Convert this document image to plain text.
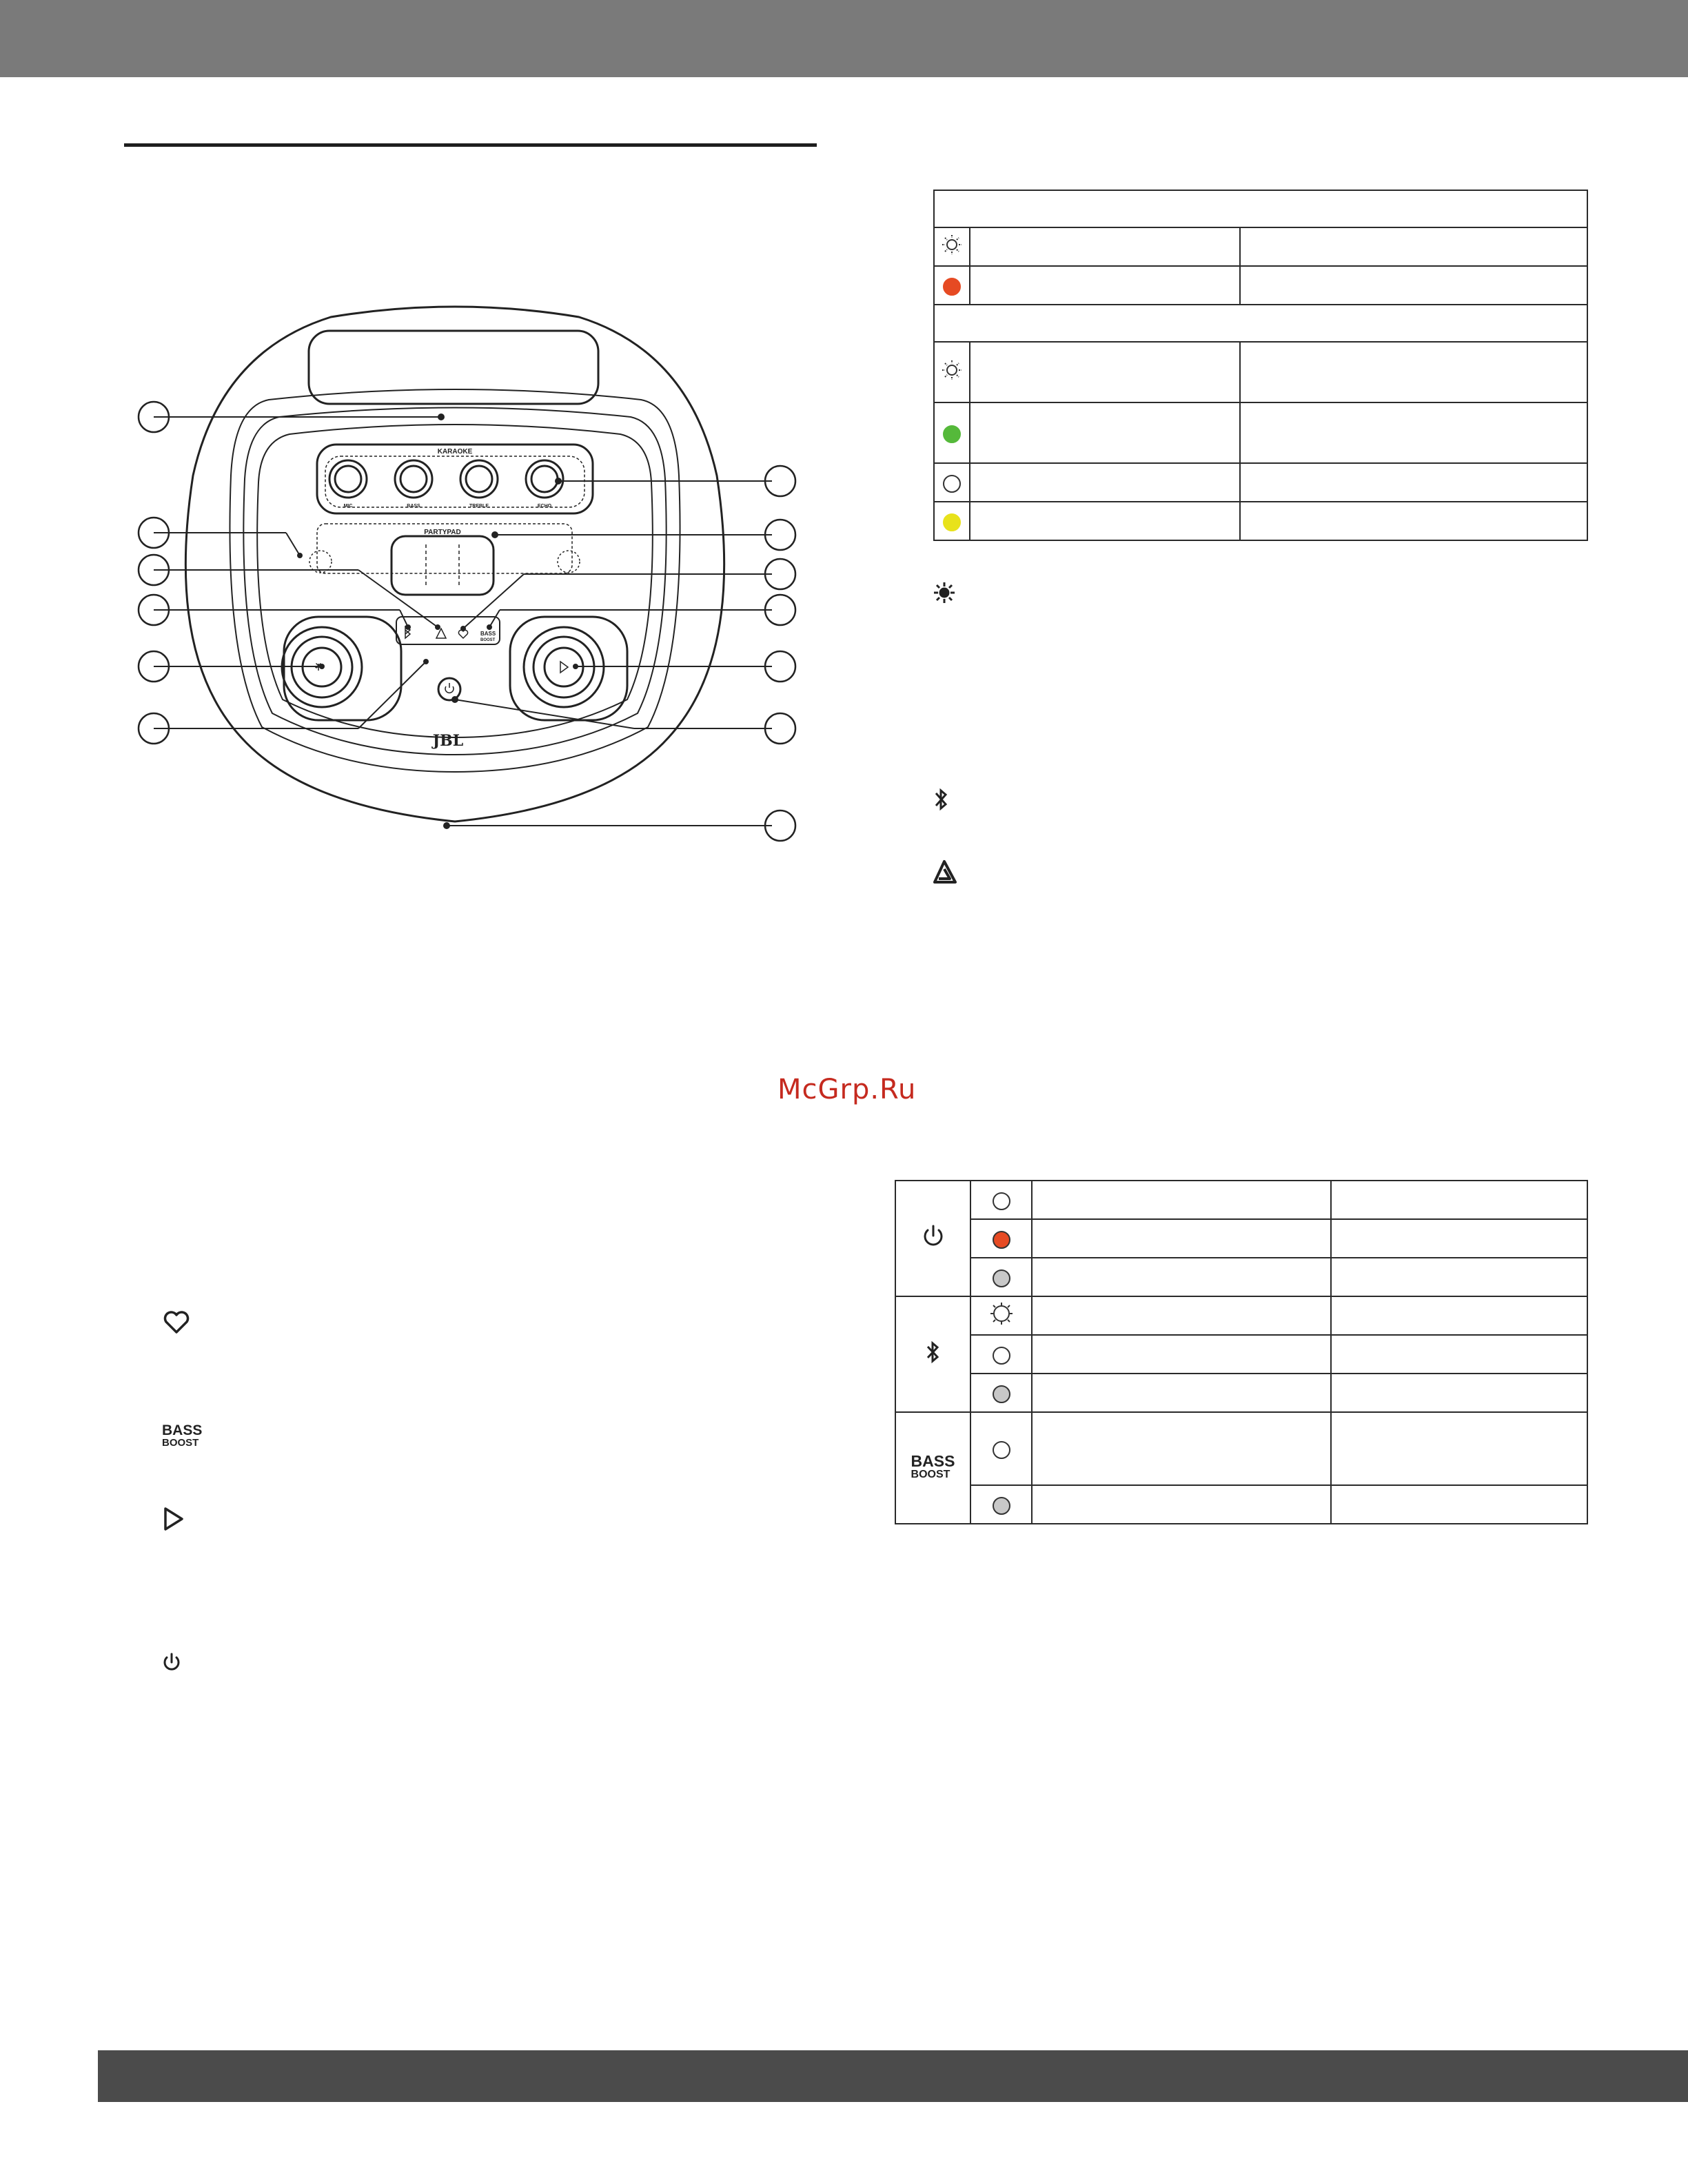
KARAOKE
MIC	BASS	TREBLE	ECHO
PARTYPAD
BASS
BOOST
JBL

BASS
BOOST
McGrp.Ru

BASS
BOOST			
